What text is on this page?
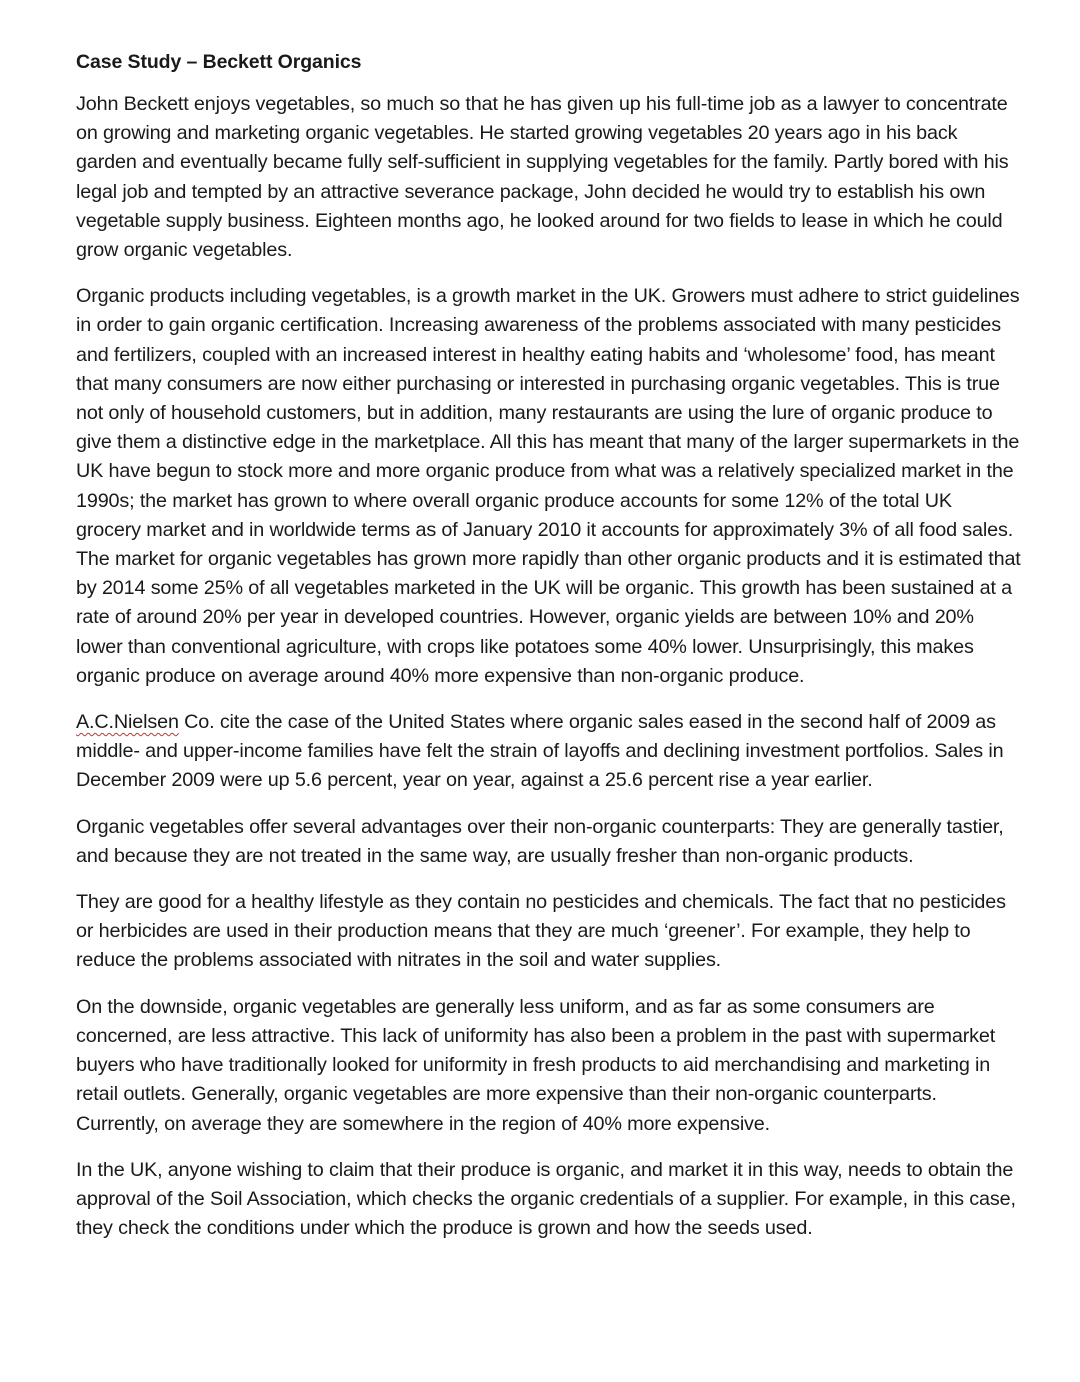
Case Study – Beckett Organics

John Beckett enjoys vegetables, so much so that he has given up his full-time job as a lawyer to concentrate on growing and marketing organic vegetables. He started growing vegetables 20 years ago in his back garden and eventually became fully self-sufficient in supplying vegetables for the family. Partly bored with his legal job and tempted by an attractive severance package, John decided he would try to establish his own vegetable supply business. Eighteen months ago, he looked around for two fields to lease in which he could grow organic vegetables.

Organic products including vegetables, is a growth market in the UK. Growers must adhere to strict guidelines in order to gain organic certification. Increasing awareness of the problems associated with many pesticides and fertilizers, coupled with an increased interest in healthy eating habits and ‘wholesome’ food, has meant that many consumers are now either purchasing or interested in purchasing organic vegetables. This is true not only of household customers, but in addition, many restaurants are using the lure of organic produce to give them a distinctive edge in the marketplace. All this has meant that many of the larger supermarkets in the UK have begun to stock more and more organic produce from what was a relatively specialized market in the 1990s; the market has grown to where overall organic produce accounts for some 12% of the total UK grocery market and in worldwide terms as of January 2010 it accounts for approximately 3% of all food sales. The market for organic vegetables has grown more rapidly than other organic products and it is estimated that by 2014 some 25% of all vegetables marketed in the UK will be organic. This growth has been sustained at a rate of around 20% per year in developed countries. However, organic yields are between 10% and 20% lower than conventional agriculture, with crops like potatoes some 40% lower. Unsurprisingly, this makes organic produce on average around 40% more expensive than non-organic produce.

A.C.Nielsen Co. cite the case of the United States where organic sales eased in the second half of 2009 as middle- and upper-income families have felt the strain of layoffs and declining investment portfolios. Sales in December 2009 were up 5.6 percent, year on year, against a 25.6 percent rise a year earlier.

Organic vegetables offer several advantages over their non-organic counterparts: They are generally tastier, and because they are not treated in the same way, are usually fresher than non-organic products.

They are good for a healthy lifestyle as they contain no pesticides and chemicals. The fact that no pesticides or herbicides are used in their production means that they are much ‘greener’. For example, they help to reduce the problems associated with nitrates in the soil and water supplies.

On the downside, organic vegetables are generally less uniform, and as far as some consumers are concerned, are less attractive. This lack of uniformity has also been a problem in the past with supermarket buyers who have traditionally looked for uniformity in fresh products to aid merchandising and marketing in retail outlets. Generally, organic vegetables are more expensive than their non-organic counterparts. Currently, on average they are somewhere in the region of 40% more expensive.

In the UK, anyone wishing to claim that their produce is organic, and market it in this way, needs to obtain the approval of the Soil Association, which checks the organic credentials of a supplier. For example, in this case, they check the conditions under which the produce is grown and how the seeds used.
